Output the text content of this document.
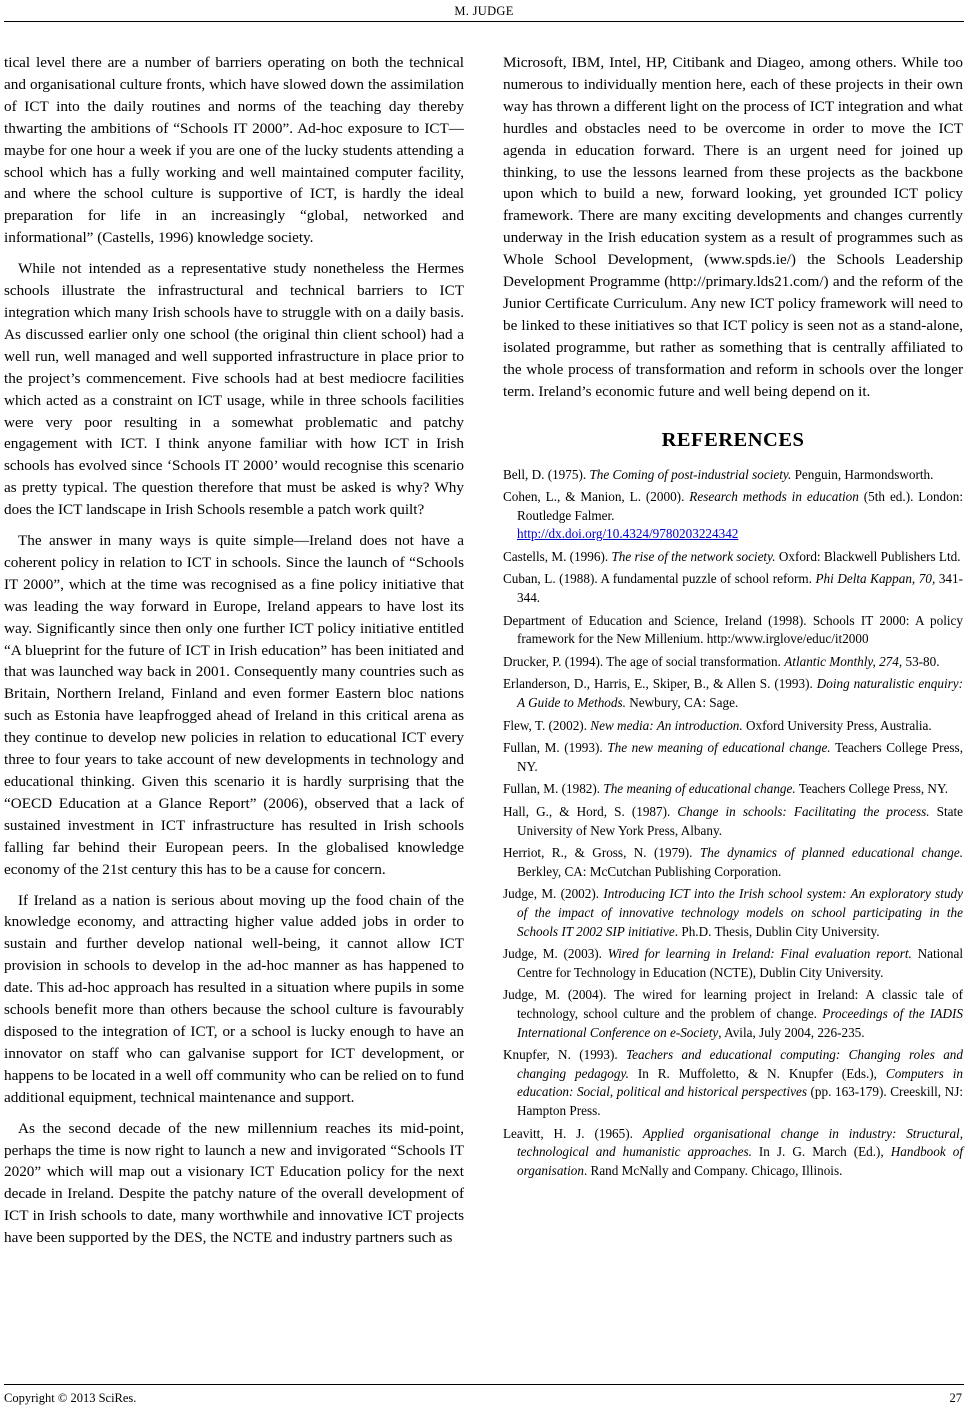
M. JUDGE

tical level there are a number of barriers operating on both the technical and organisational culture fronts, which have slowed down the assimilation of ICT into the daily routines and norms of the teaching day thereby thwarting the ambitions of “Schools IT 2000”. Ad-hoc exposure to ICT—maybe for one hour a week if you are one of the lucky students attending a school which has a fully working and well maintained computer facility, and where the school culture is supportive of ICT, is hardly the ideal preparation for life in an increasingly “global, networked and informational” (Castells, 1996) knowledge society.

While not intended as a representative study nonetheless the Hermes schools illustrate the infrastructural and technical barriers to ICT integration which many Irish schools have to struggle with on a daily basis. As discussed earlier only one school (the original thin client school) had a well run, well managed and well supported infrastructure in place prior to the project’s commencement. Five schools had at best mediocre facilities which acted as a constraint on ICT usage, while in three schools facilities were very poor resulting in a somewhat problematic and patchy engagement with ICT. I think anyone familiar with how ICT in Irish schools has evolved since ‘Schools IT 2000’ would recognise this scenario as pretty typical. The question therefore that must be asked is why? Why does the ICT landscape in Irish Schools resemble a patch work quilt?

The answer in many ways is quite simple—Ireland does not have a coherent policy in relation to ICT in schools. Since the launch of “Schools IT 2000”, which at the time was recognised as a fine policy initiative that was leading the way forward in Europe, Ireland appears to have lost its way. Significantly since then only one further ICT policy initiative entitled “A blueprint for the future of ICT in Irish education” has been initiated and that was launched way back in 2001. Consequently many countries such as Britain, Northern Ireland, Finland and even former Eastern bloc nations such as Estonia have leapfrogged ahead of Ireland in this critical arena as they continue to develop new policies in relation to educational ICT every three to four years to take account of new developments in technology and educational thinking. Given this scenario it is hardly surprising that the “OECD Education at a Glance Report” (2006), observed that a lack of sustained investment in ICT infrastructure has resulted in Irish schools falling far behind their European peers. In the globalised knowledge economy of the 21st century this has to be a cause for concern.

If Ireland as a nation is serious about moving up the food chain of the knowledge economy, and attracting higher value added jobs in order to sustain and further develop national well-being, it cannot allow ICT provision in schools to develop in the ad-hoc manner as has happened to date. This ad-hoc approach has resulted in a situation where pupils in some schools benefit more than others because the school culture is favourably disposed to the integration of ICT, or a school is lucky enough to have an innovator on staff who can galvanise support for ICT development, or happens to be located in a well off community who can be relied on to fund additional equipment, technical maintenance and support.

As the second decade of the new millennium reaches its mid-point, perhaps the time is now right to launch a new and invigorated “Schools IT 2020” which will map out a visionary ICT Education policy for the next decade in Ireland. Despite the patchy nature of the overall development of ICT in Irish schools to date, many worthwhile and innovative ICT projects have been supported by the DES, the NCTE and industry partners such as

Microsoft, IBM, Intel, HP, Citibank and Diageo, among others. While too numerous to individually mention here, each of these projects in their own way has thrown a different light on the process of ICT integration and what hurdles and obstacles need to be overcome in order to move the ICT agenda in education forward. There is an urgent need for joined up thinking, to use the lessons learned from these projects as the backbone upon which to build a new, forward looking, yet grounded ICT policy framework. There are many exciting developments and changes currently underway in the Irish education system as a result of programmes such as Whole School Development, (www.spds.ie/) the Schools Leadership Development Programme (http://primary.lds21.com/) and the reform of the Junior Certificate Curriculum. Any new ICT policy framework will need to be linked to these initiatives so that ICT policy is seen not as a stand-alone, isolated programme, but rather as something that is centrally affiliated to the whole process of transformation and reform in schools over the longer term. Ireland’s economic future and well being depend on it.

REFERENCES

Bell, D. (1975). The Coming of post-industrial society. Penguin, Harmondsworth.

Cohen, L., & Manion, L. (2000). Research methods in education (5th ed.). London: Routledge Falmer.
http://dx.doi.org/10.4324/9780203224342

Castells, M. (1996). The rise of the network society. Oxford: Blackwell Publishers Ltd.

Cuban, L. (1988). A fundamental puzzle of school reform. Phi Delta Kappan, 70, 341-344.

Department of Education and Science, Ireland (1998). Schools IT 2000: A policy framework for the New Millenium. http:/www.irglove/educ/it2000

Drucker, P. (1994). The age of social transformation. Atlantic Monthly, 274, 53-80.

Erlanderson, D., Harris, E., Skiper, B., & Allen S. (1993). Doing naturalistic enquiry: A Guide to Methods. Newbury, CA: Sage.

Flew, T. (2002). New media: An introduction. Oxford University Press, Australia.

Fullan, M. (1993). The new meaning of educational change. Teachers College Press, NY.

Fullan, M. (1982). The meaning of educational change. Teachers College Press, NY.

Hall, G., & Hord, S. (1987). Change in schools: Facilitating the process. State University of New York Press, Albany.

Herriot, R., & Gross, N. (1979). The dynamics of planned educational change. Berkley, CA: McCutchan Publishing Corporation.

Judge, M. (2002). Introducing ICT into the Irish school system: An exploratory study of the impact of innovative technology models on school participating in the Schools IT 2002 SIP initiative. Ph.D. Thesis, Dublin City University.

Judge, M. (2003). Wired for learning in Ireland: Final evaluation report. National Centre for Technology in Education (NCTE), Dublin City University.

Judge, M. (2004). The wired for learning project in Ireland: A classic tale of technology, school culture and the problem of change. Proceedings of the IADIS International Conference on e-Society, Avila, July 2004, 226-235.

Knupfer, N. (1993). Teachers and educational computing: Changing roles and changing pedagogy. In R. Muffoletto, & N. Knupfer (Eds.), Computers in education: Social, political and historical perspectives (pp. 163-179). Creeskill, NJ: Hampton Press.

Leavitt, H. J. (1965). Applied organisational change in industry: Structural, technological and humanistic approaches. In J. G. March (Ed.), Handbook of organisation. Rand McNally and Company. Chicago, Illinois.

Copyright © 2013 SciRes.	27
